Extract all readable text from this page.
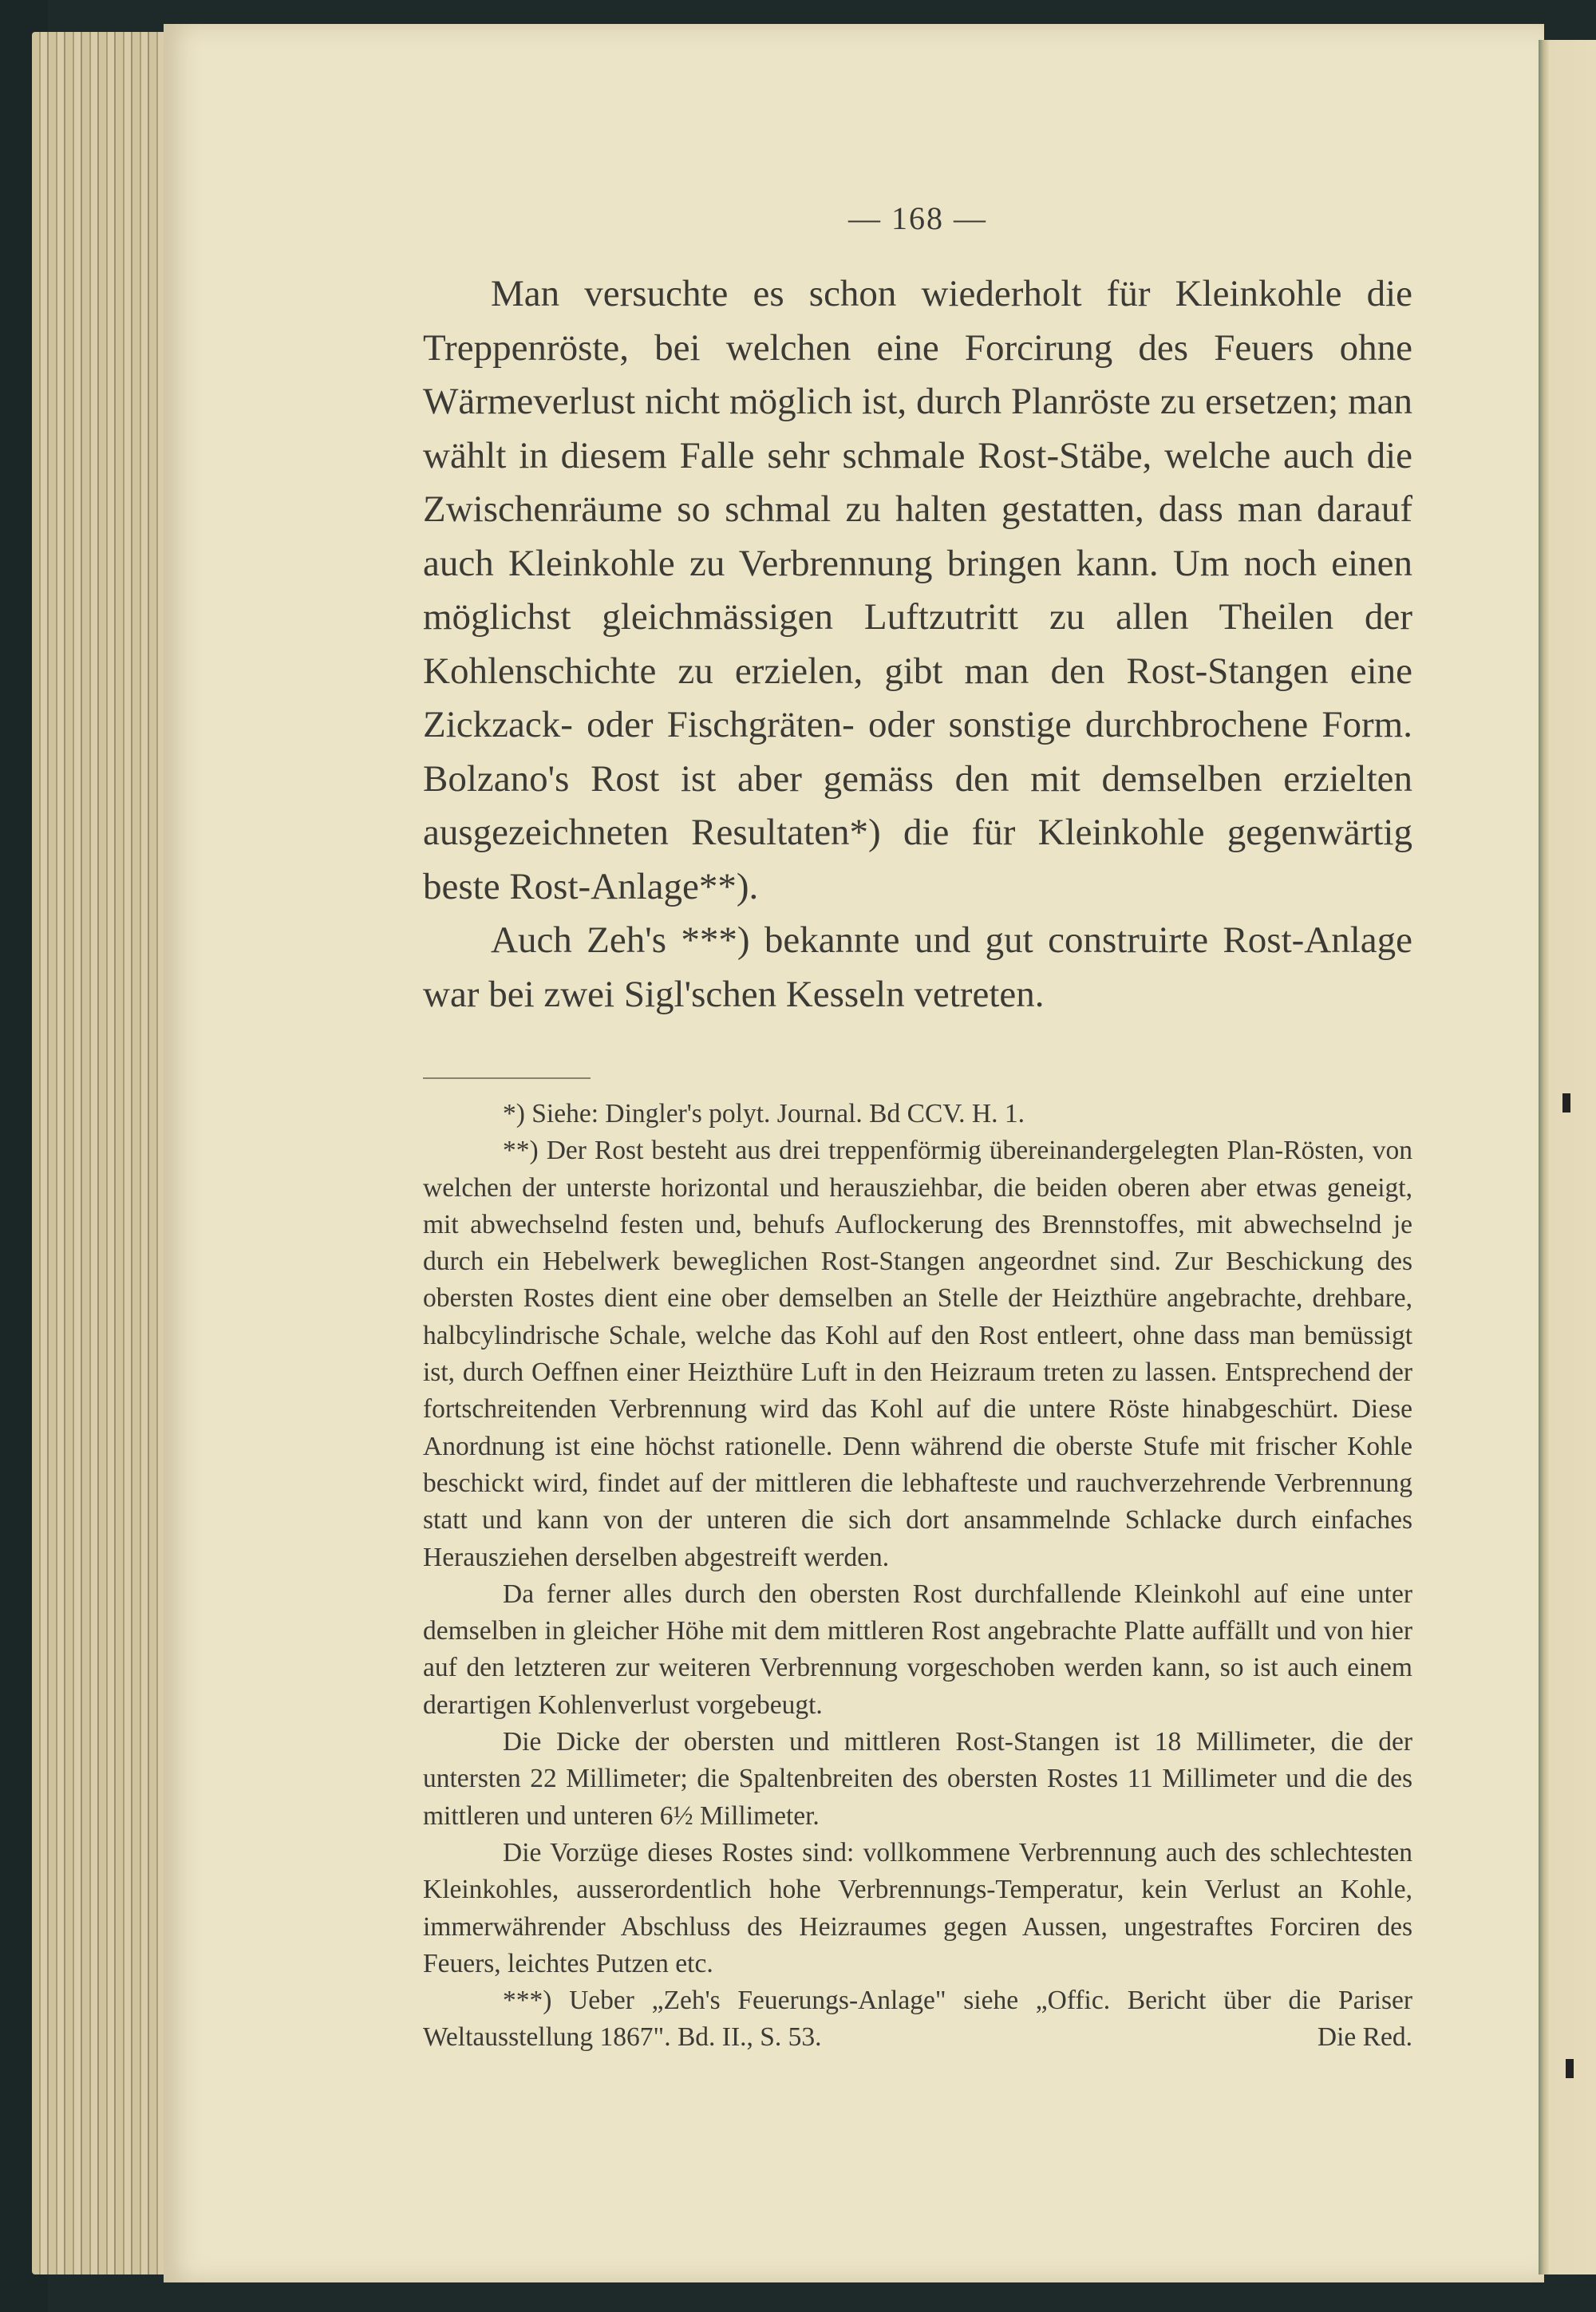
— 168 —

Man versuchte es schon wiederholt für Kleinkohle die Treppenröste, bei welchen eine Forcirung des Feuers ohne Wärmeverlust nicht möglich ist, durch Planröste zu ersetzen; man wählt in diesem Falle sehr schmale Rost-Stäbe, welche auch die Zwischenräume so schmal zu halten gestatten, dass man darauf auch Kleinkohle zu Verbrennung bringen kann. Um noch einen möglichst gleichmässigen Luftzutritt zu allen Theilen der Kohlenschichte zu erzielen, gibt man den Rost-Stangen eine Zickzack- oder Fischgräten- oder sonstige durchbrochene Form. Bolzano's Rost ist aber gemäss den mit demselben erzielten ausgezeichneten Resultaten*) die für Kleinkohle gegenwärtig beste Rost-Anlage**).

Auch Zeh's ***) bekannte und gut construirte Rost-Anlage war bei zwei Sigl'schen Kesseln vetreten.

*) Siehe: Dingler's polyt. Journal. Bd CCV. H. 1.

**) Der Rost besteht aus drei treppenförmig übereinandergelegten Plan-Rösten, von welchen der unterste horizontal und herausziehbar, die beiden oberen aber etwas geneigt, mit abwechselnd festen und, behufs Auflockerung des Brennstoffes, mit abwechselnd je durch ein Hebelwerk beweglichen Rost-Stangen angeordnet sind. Zur Beschickung des obersten Rostes dient eine ober demselben an Stelle der Heizthüre angebrachte, drehbare, halbcylindrische Schale, welche das Kohl auf den Rost entleert, ohne dass man bemüssigt ist, durch Oeffnen einer Heizthüre Luft in den Heizraum treten zu lassen. Entsprechend der fortschreitenden Verbrennung wird das Kohl auf die untere Röste hinabgeschürt. Diese Anordnung ist eine höchst rationelle. Denn während die oberste Stufe mit frischer Kohle beschickt wird, findet auf der mittleren die lebhafteste und rauchverzehrende Verbrennung statt und kann von der unteren die sich dort ansammelnde Schlacke durch einfaches Herausziehen derselben abgestreift werden.

Da ferner alles durch den obersten Rost durchfallende Kleinkohl auf eine unter demselben in gleicher Höhe mit dem mittleren Rost angebrachte Platte auffällt und von hier auf den letzteren zur weiteren Verbrennung vorgeschoben werden kann, so ist auch einem derartigen Kohlenverlust vorgebeugt.

Die Dicke der obersten und mittleren Rost-Stangen ist 18 Millimeter, die der untersten 22 Millimeter; die Spaltenbreiten des obersten Rostes 11 Millimeter und die des mittleren und unteren 6½ Millimeter.

Die Vorzüge dieses Rostes sind: vollkommene Verbrennung auch des schlechtesten Kleinkohles, ausserordentlich hohe Verbrennungs-Temperatur, kein Verlust an Kohle, immerwährender Abschluss des Heizraumes gegen Aussen, ungestraftes Forciren des Feuers, leichtes Putzen etc.

***) Ueber „Zeh's Feuerungs-Anlage" siehe „Offic. Bericht über die Pariser Weltausstellung 1867". Bd. II., S. 53.	Die Red.
